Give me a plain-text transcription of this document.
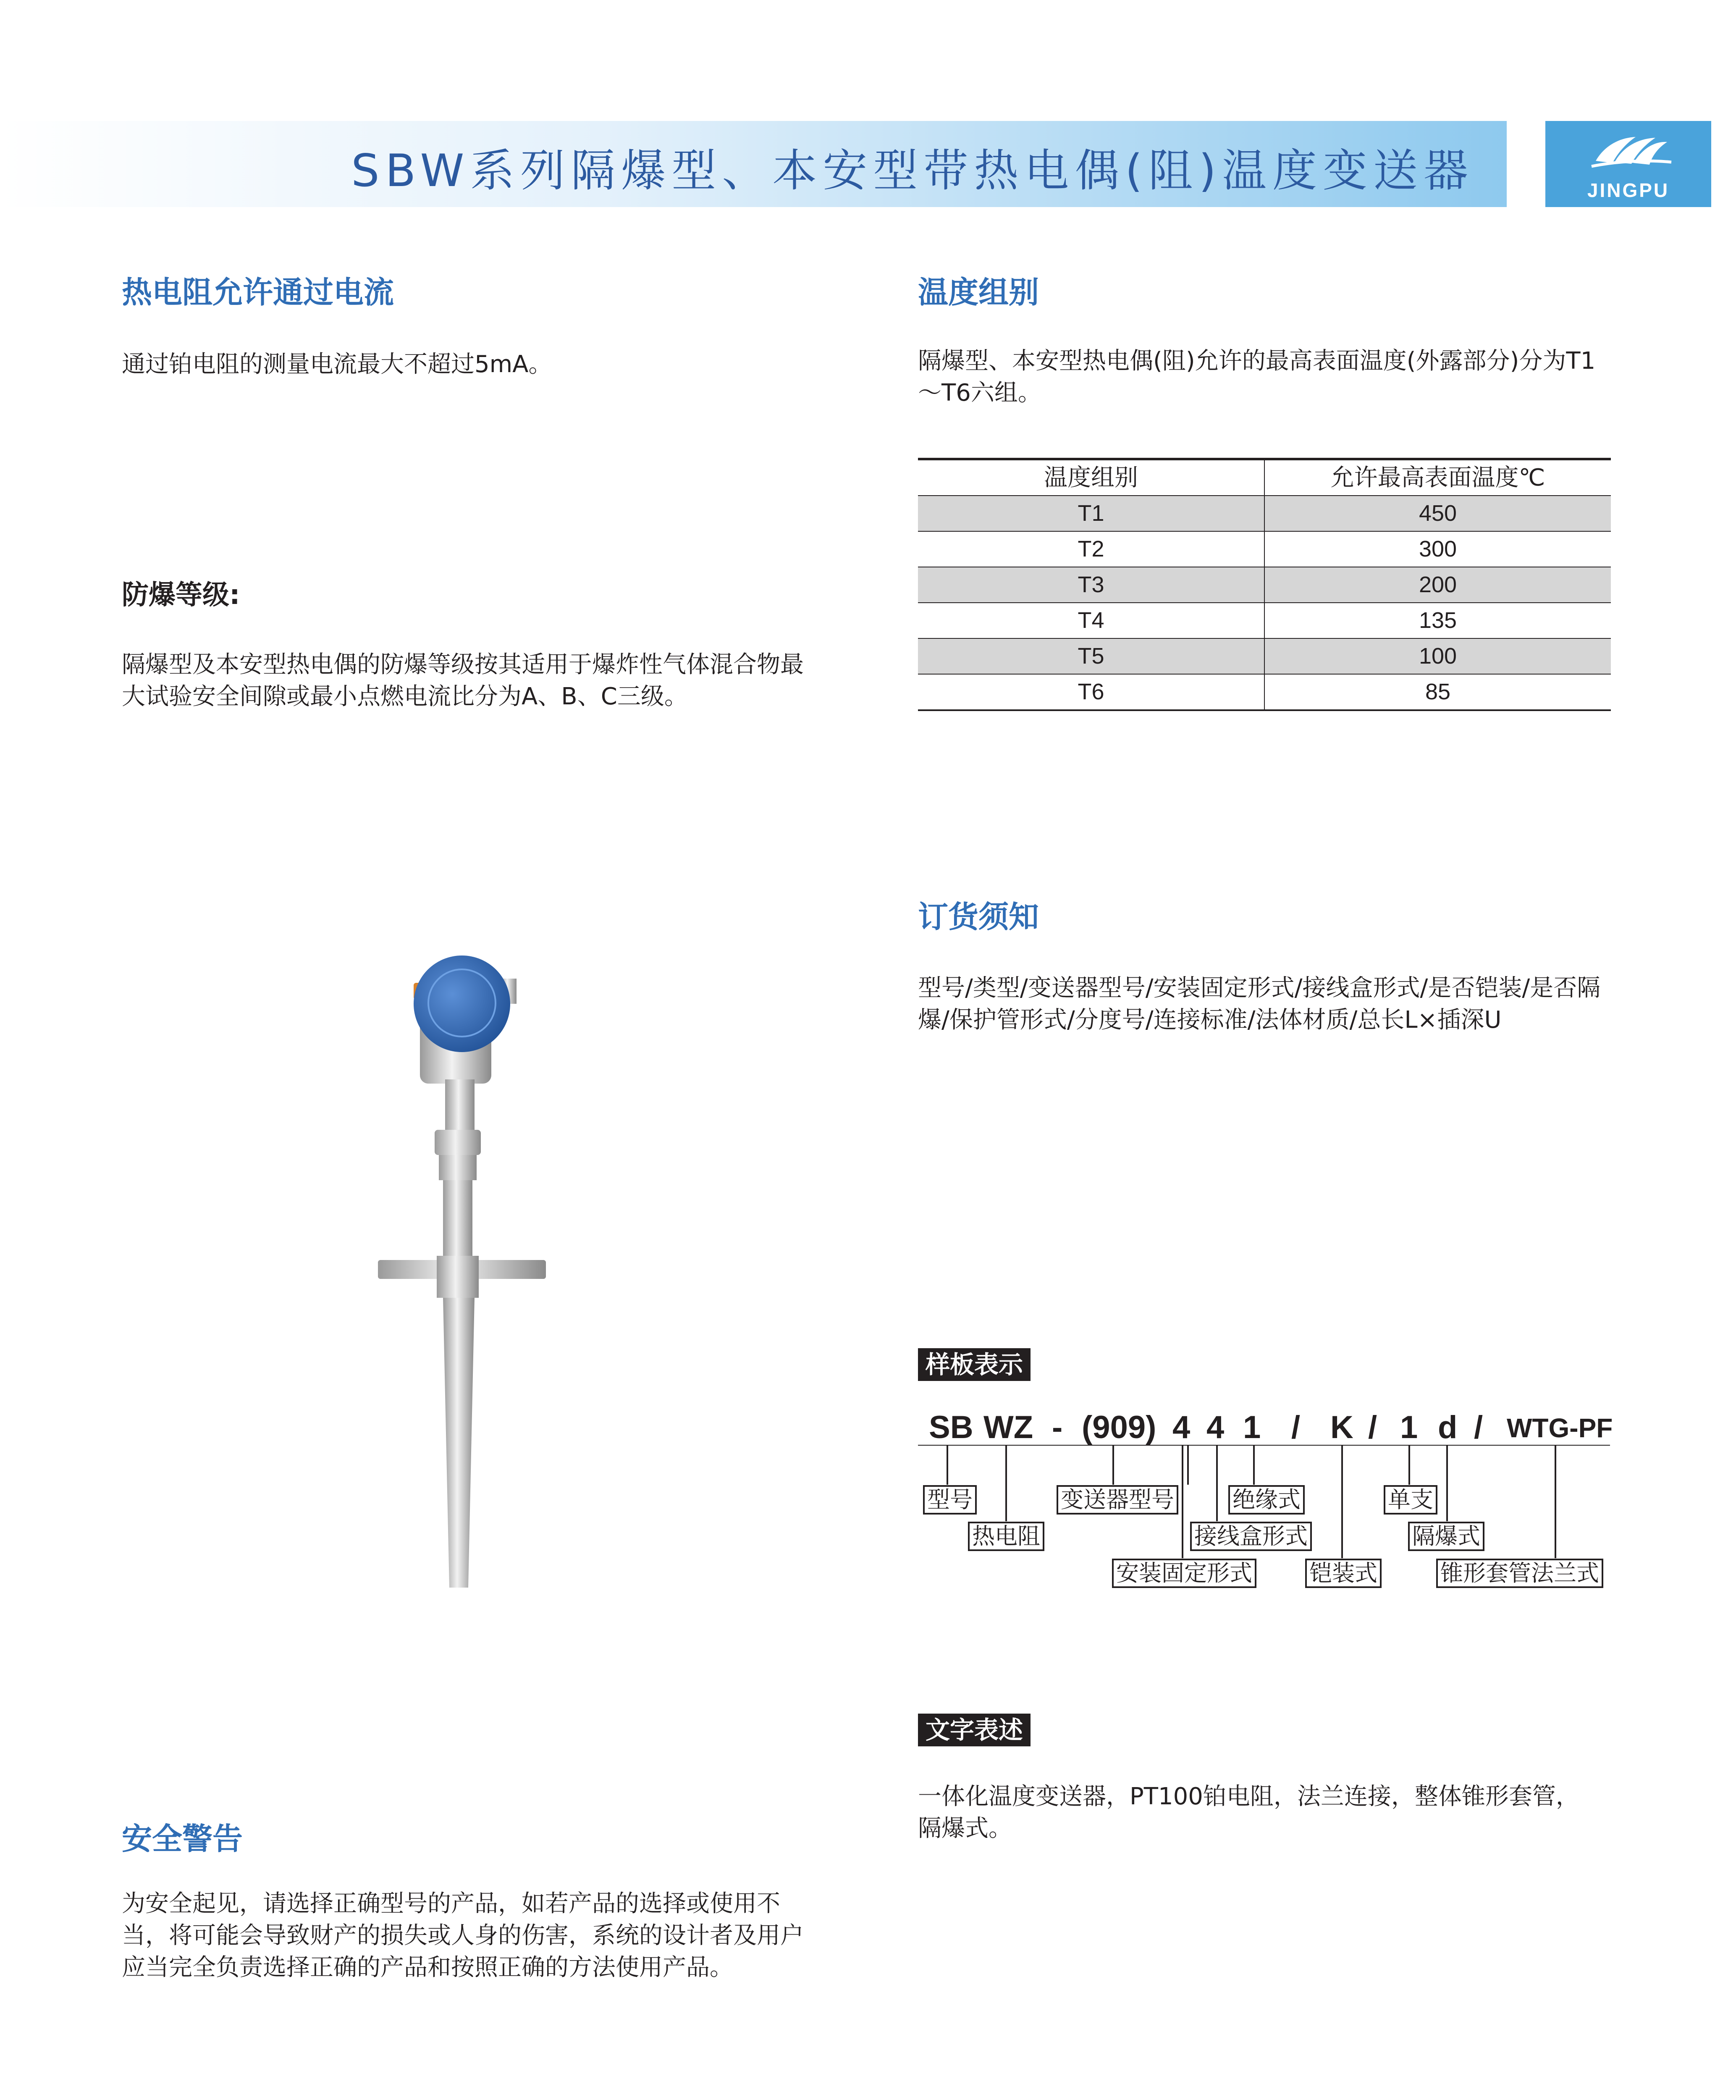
SBW系列隔爆型、本安型带热电偶(阻)温度变送器	JINGPU
热电阻允许通过电流
通过铂电阻的测量电流最大不超过5mA。
防爆等级:
隔爆型及本安型热电偶的防爆等级按其适用于爆炸性气体混合物最大试验安全间隙或最小点燃电流比分为A、B、C三级。
安全警告
为安全起见，请选择正确型号的产品，如若产品的选择或使用不当，将可能会导致财产的损失或人身的伤害，系统的设计者及用户应当完全负责选择正确的产品和按照正确的方法使用产品。
温度组别
隔爆型、本安型热电偶(阻)允许的最高表面温度(外露部分)分为T1～T6六组。
温度组别	允许最高表面温度℃
T1	450
T2	300
T3	200
T4	135
T5	100
T6	85
订货须知
型号/类型/变送器型号/安装固定形式/接线盒形式/是否铠装/是否隔爆/保护管形式/分度号/连接标准/法体材质/总长L×插深U
样板表示
SB WZ - (909) 4 4 1 / K / 1 d / WTG-PF
型号
热电阻
变送器型号	绝缘式
接线盒形式
安装固定形式	铠装式
单支
隔爆式
锥形套管法兰式
文字表述
一体化温度变送器，PT100铂电阻，法兰连接，整体锥形套管，隔爆式。
